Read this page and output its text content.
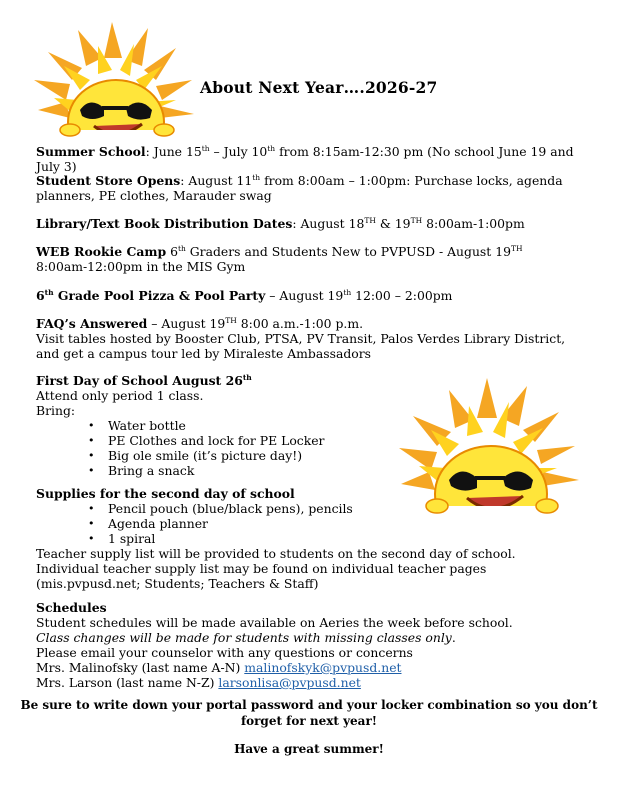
About Next Year….2026-27
Summer School: June 15th – July 10th from 8:15am-12:30 pm (No school June 19 and July 3)
Student Store Opens: August 11th from 8:00am – 1:00pm: Purchase locks, agenda planners, PE clothes, Marauder swag
Library/Text Book Distribution Dates: August 18TH & 19TH 8:00am-1:00pm
WEB Rookie Camp 6th Graders and Students New to PVPUSD - August 19TH
8:00am-12:00pm in the MIS Gym
6th Grade Pool Pizza & Pool Party – August 19th 12:00 – 2:00pm
FAQ’s Answered – August 19TH 8:00 a.m.-1:00 p.m.
Visit tables hosted by Booster Club, PTSA, PV Transit, Palos Verdes Library District, and get a campus tour led by Miraleste Ambassadors
First Day of School August 26th
Attend only period 1 class.
Bring:
• Water bottle
• PE Clothes and lock for PE Locker
• Big ole smile (it’s picture day!)
• Bring a snack
Supplies for the second day of school
• Pencil pouch (blue/black pens), pencils
• Agenda planner
• 1 spiral
Teacher supply list will be provided to students on the second day of school.
Individual teacher supply list may be found on individual teacher pages (mis.pvpusd.net; Students; Teachers & Staff)
Schedules
Student schedules will be made available on Aeries the week before school.
Class changes will be made for students with missing classes only.
Please email your counselor with any questions or concerns
Mrs. Malinofsky (last name A-N) malinofskyk@pvpusd.net
Mrs. Larson (last name N-Z) larsonlisa@pvpusd.net
Be sure to write down your portal password and your locker combination so you don’t forget for next year!
Have a great summer!
